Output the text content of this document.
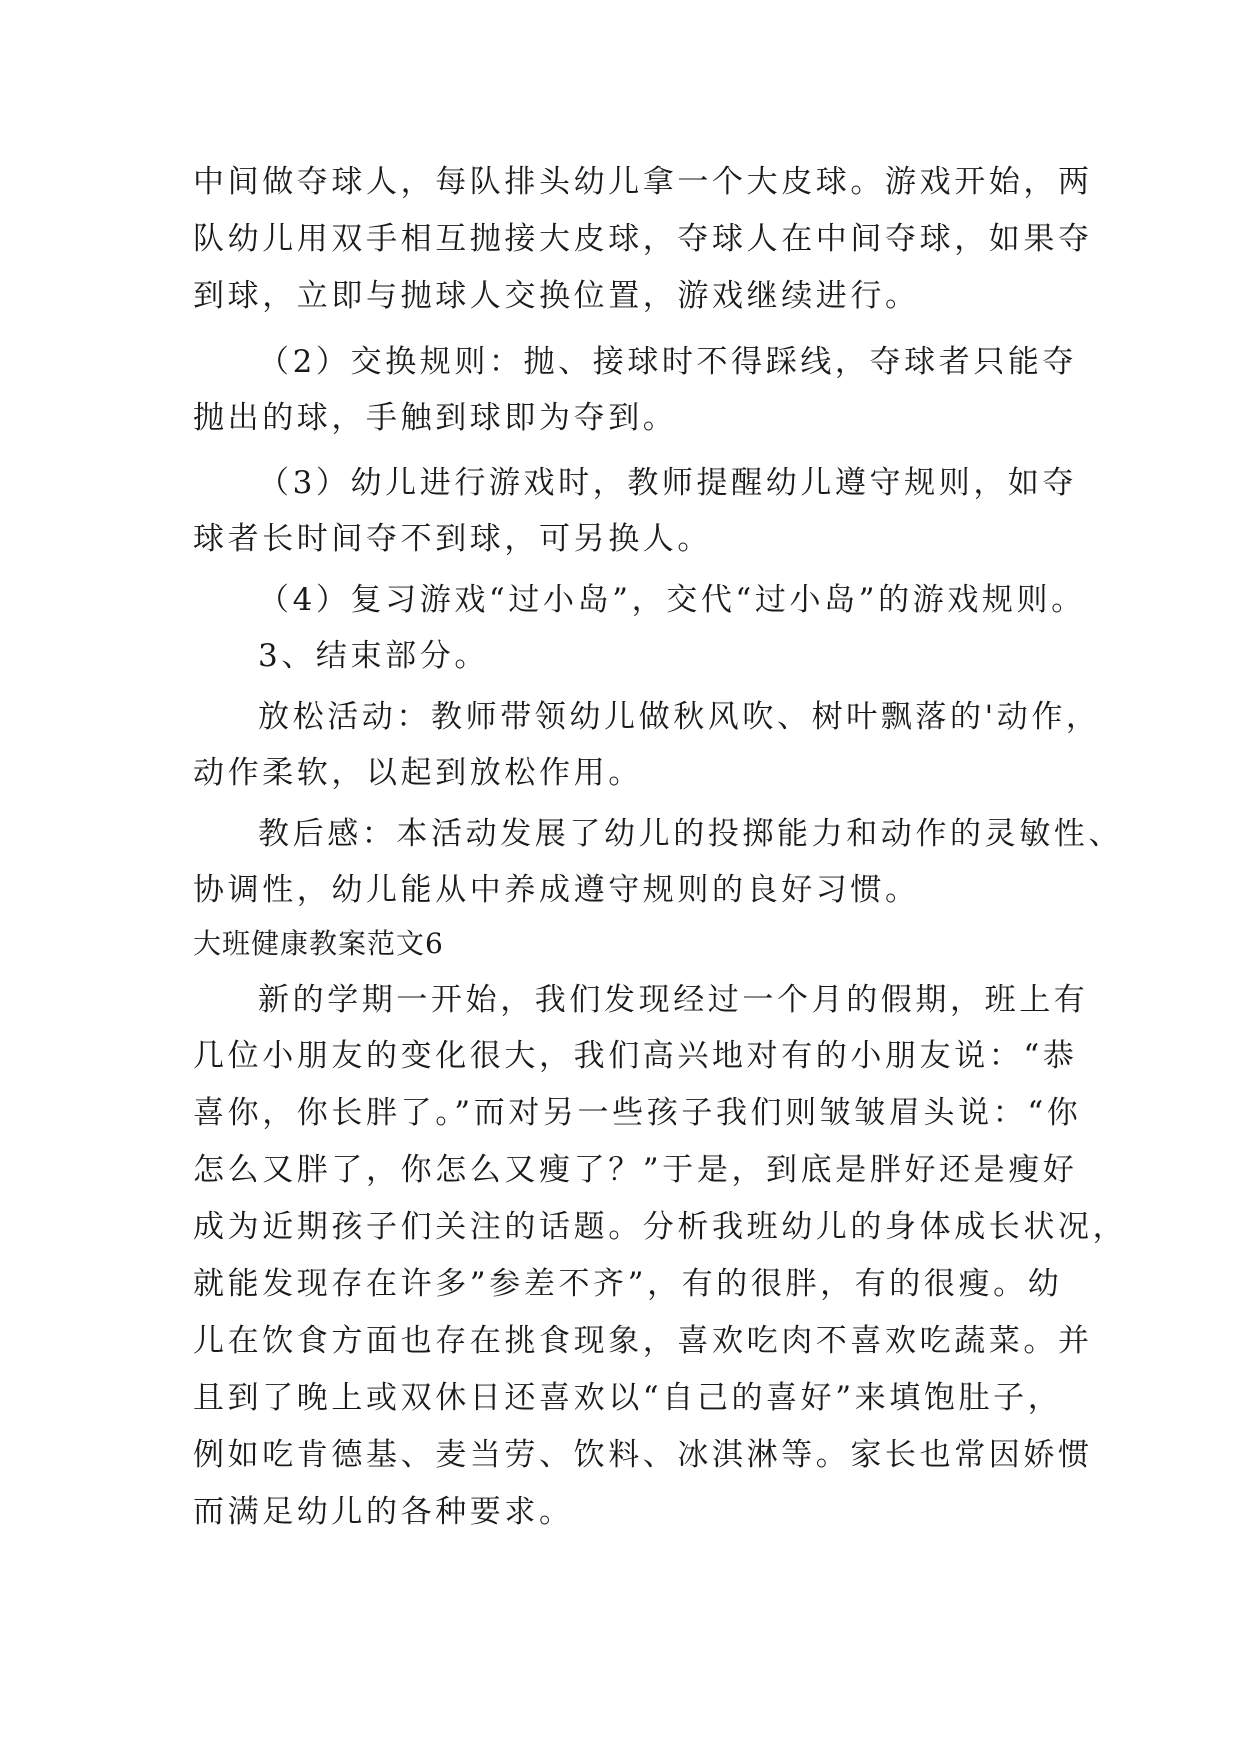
中间做夺球人，每队排头幼儿拿一个大皮球。游戏开始，两
队幼儿用双手相互抛接大皮球，夺球人在中间夺球，如果夺
到球，立即与抛球人交换位置，游戏继续进行。
（2）交换规则：抛、接球时不得踩线，夺球者只能夺
抛出的球，手触到球即为夺到。
（3）幼儿进行游戏时，教师提醒幼儿遵守规则，如夺
球者长时间夺不到球，可另换人。
（4）复习游戏“过小岛”，交代“过小岛”的游戏规则。
3、结束部分。
放松活动：教师带领幼儿做秋风吹、树叶飘落的'动作，
动作柔软，以起到放松作用。
教后感：本活动发展了幼儿的投掷能力和动作的灵敏性、
协调性，幼儿能从中养成遵守规则的良好习惯。
大班健康教案范文6
新的学期一开始，我们发现经过一个月的假期，班上有
几位小朋友的变化很大，我们高兴地对有的小朋友说：“恭
喜你，你长胖了。”而对另一些孩子我们则皱皱眉头说：“你
怎么又胖了，你怎么又瘦了？”于是，到底是胖好还是瘦好
成为近期孩子们关注的话题。分析我班幼儿的身体成长状况，
就能发现存在许多”参差不齐”，有的很胖，有的很瘦。幼
儿在饮食方面也存在挑食现象，喜欢吃肉不喜欢吃蔬菜。并
且到了晚上或双休日还喜欢以“自己的喜好”来填饱肚子，
例如吃肯德基、麦当劳、饮料、冰淇淋等。家长也常因娇惯
而满足幼儿的各种要求。
